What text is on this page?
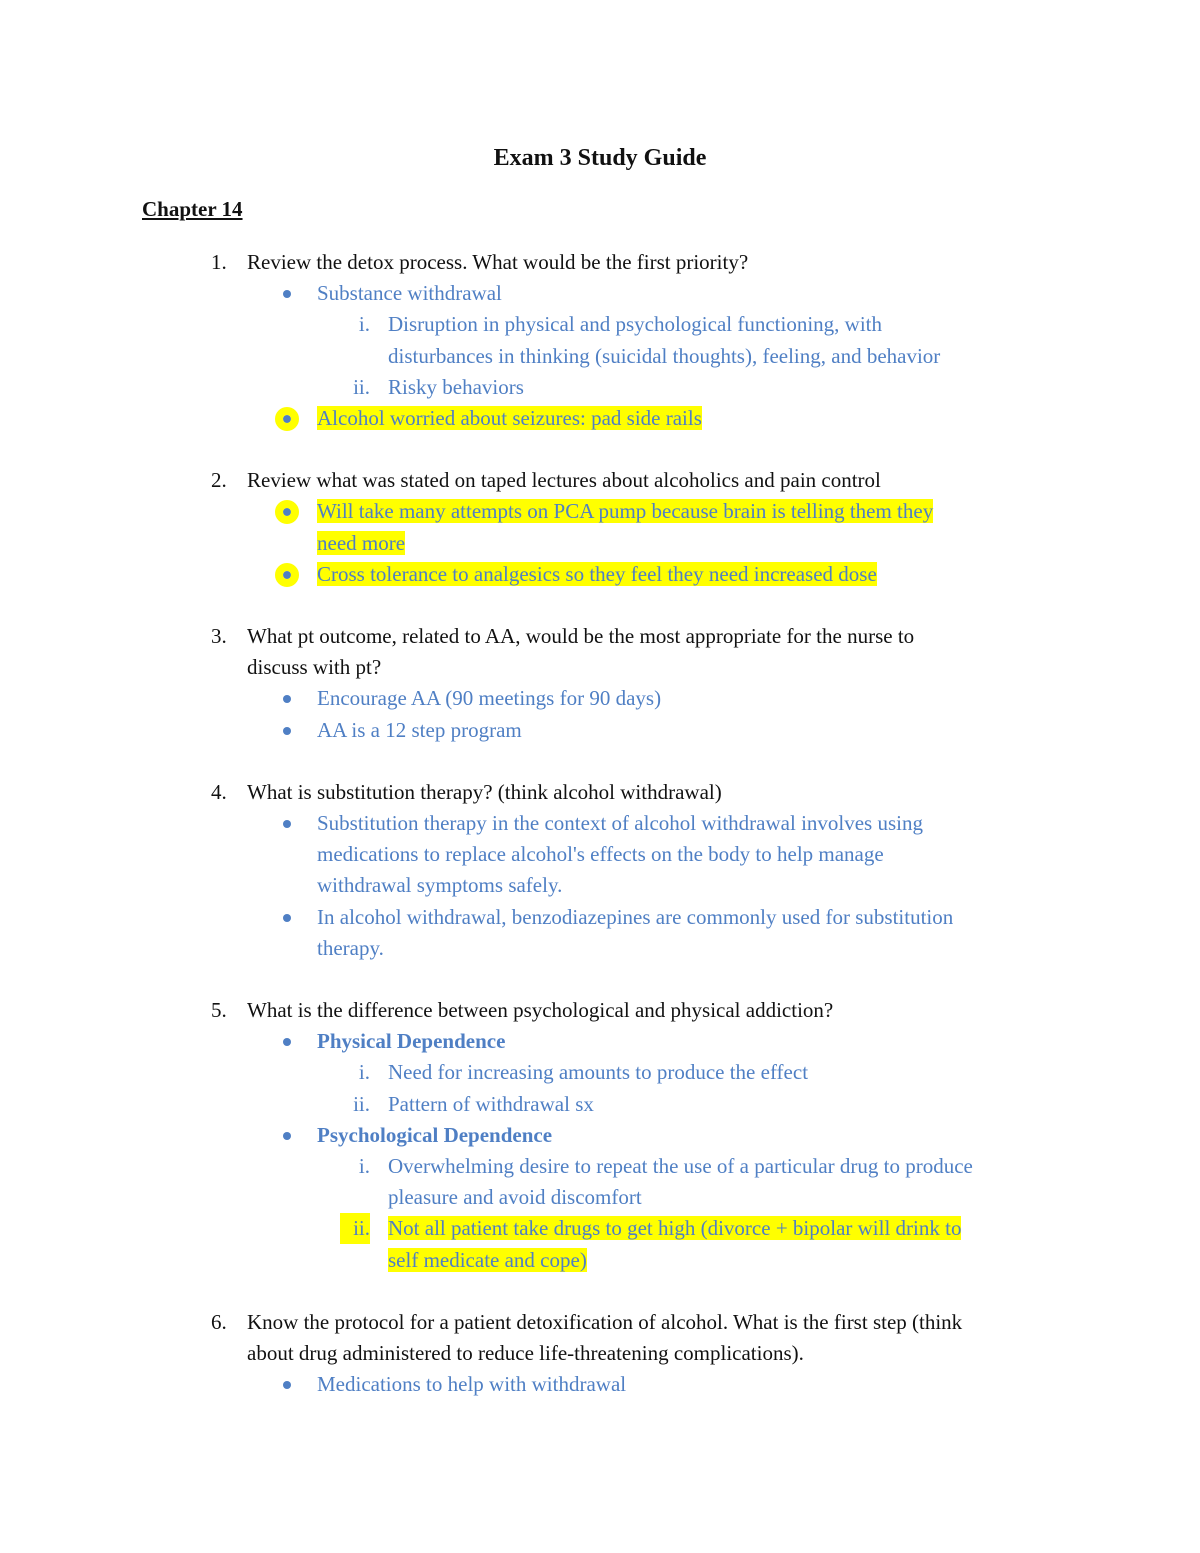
Exam 3 Study Guide
Chapter 14
1. Review the detox process. What would be the first priority?
Substance withdrawal
i. Disruption in physical and psychological functioning, with
disturbances in thinking (suicidal thoughts), feeling, and behavior
ii. Risky behaviors
Alcohol worried about seizures: pad side rails
2. Review what was stated on taped lectures about alcoholics and pain control
Will take many attempts on PCA pump because brain is telling them they
need more
Cross tolerance to analgesics so they feel they need increased dose
3. What pt outcome, related to AA, would be the most appropriate for the nurse to
discuss with pt?
Encourage AA (90 meetings for 90 days)
AA is a 12 step program
4. What is substitution therapy? (think alcohol withdrawal)
Substitution therapy in the context of alcohol withdrawal involves using
medications to replace alcohol's effects on the body to help manage
withdrawal symptoms safely.
In alcohol withdrawal, benzodiazepines are commonly used for substitution
therapy.
5. What is the difference between psychological and physical addiction?
Physical Dependence
i. Need for increasing amounts to produce the effect
ii. Pattern of withdrawal sx
Psychological Dependence
i. Overwhelming desire to repeat the use of a particular drug to produce
pleasure and avoid discomfort
ii. Not all patient take drugs to get high (divorce + bipolar will drink to
self medicate and cope)
6. Know the protocol for a patient detoxification of alcohol. What is the first step (think
about drug administered to reduce life-threatening complications).
Medications to help with withdrawal
